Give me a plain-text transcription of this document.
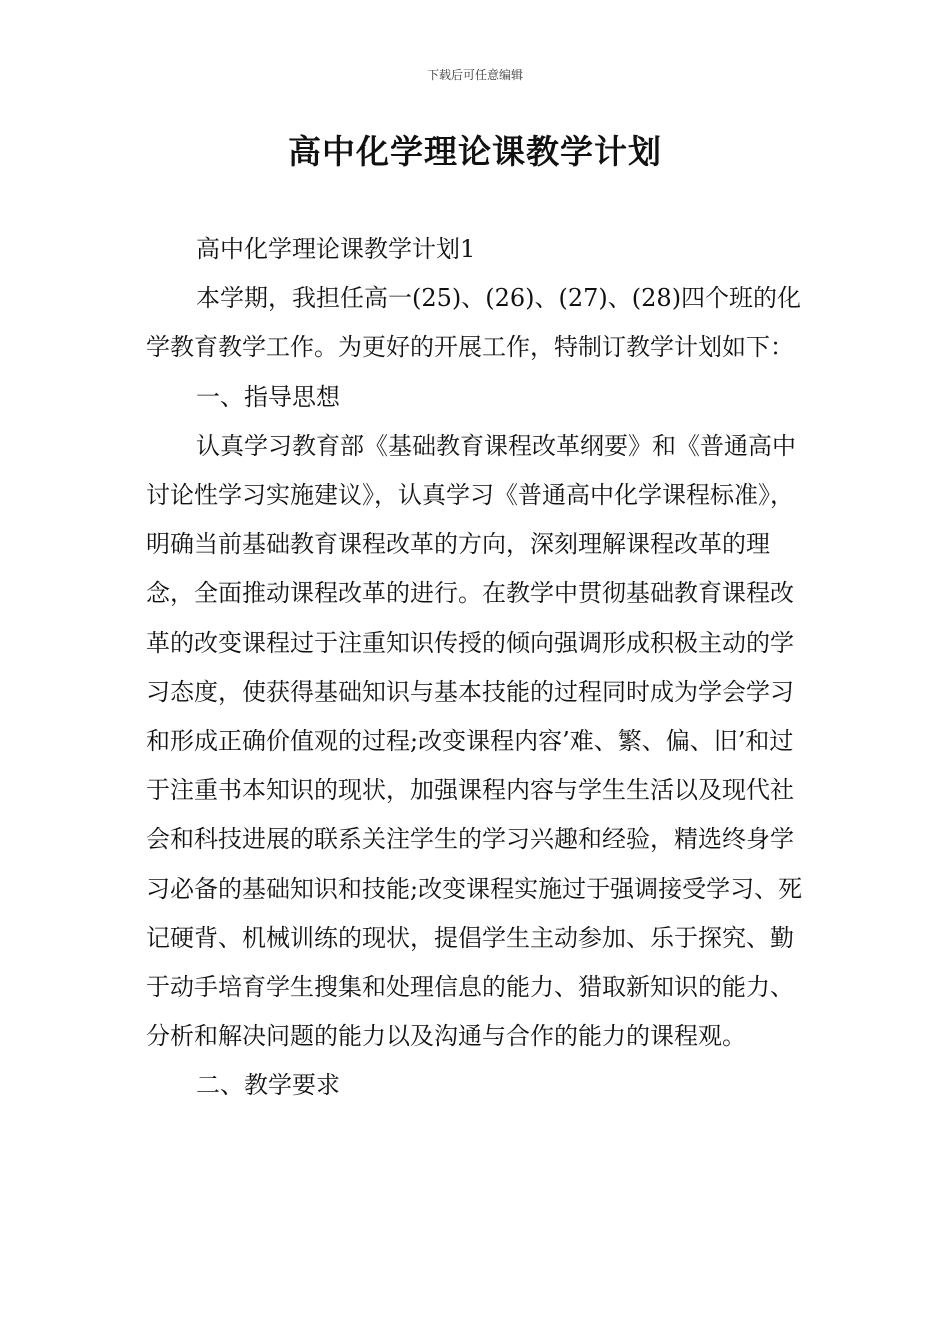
下载后可任意编辑
高中化学理论课教学计划

高中化学理论课教学计划1

本学期，我担任高一(25)、(26)、(27)、(28)四个班的化学教育教学工作。为更好的开展工作，特制订教学计划如下：

一、指导思想

认真学习教育部《基础教育课程改革纲要》和《普通高中讨论性学习实施建议》，认真学习《普通高中化学课程标准》，明确当前基础教育课程改革的方向，深刻理解课程改革的理念，全面推动课程改革的进行。在教学中贯彻基础教育课程改革的改变课程过于注重知识传授的倾向强调形成积极主动的学习态度，使获得基础知识与基本技能的过程同时成为学会学习和形成正确价值观的过程;改变课程内容’难、繁、偏、旧’和过于注重书本知识的现状，加强课程内容与学生生活以及现代社会和科技进展的联系关注学生的学习兴趣和经验，精选终身学习必备的基础知识和技能;改变课程实施过于强调接受学习、死记硬背、机械训练的现状，提倡学生主动参加、乐于探究、勤于动手培育学生搜集和处理信息的能力、猎取新知识的能力、分析和解决问题的能力以及沟通与合作的能力的课程观。

二、教学要求
